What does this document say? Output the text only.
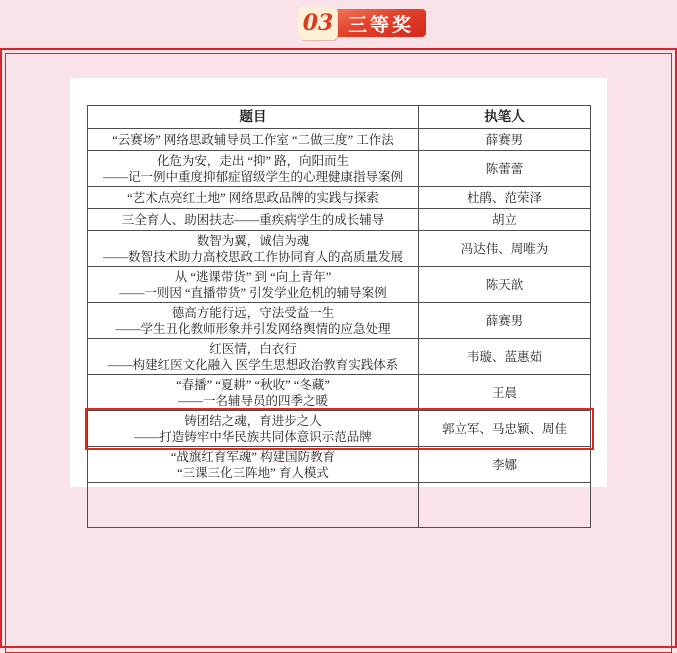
03 三等奖
题目	执笔人

“云赛场” 网络思政辅导员工作室 “二做三度” 工作法	薛赛男

化危为安，走出 “抑” 路，向阳而生
——记一例中重度抑郁症留级学生的心理健康指导案例	陈蕾蕾

“艺术点亮红土地” 网络思政品牌的实践与探索	杜鹃、范荣泽

三全育人、助困扶志——重疾病学生的成长辅导	胡立

数智为翼，诚信为魂
——数智技术助力高校思政工作协同育人的高质量发展	冯达伟、周唯为

从 “逃课带货” 到 “向上青年”
——一则因 “直播带货” 引发学业危机的辅导案例	陈天歆

德高方能行远，守法受益一生
——学生丑化教师形象并引发网络舆情的应急处理	薛赛男

红医情，白衣行
——构建红医文化融入 医学生思想政治教育实践体系	韦璇、蓝惠茹

“春播” “夏耕” “秋收” “冬藏”
——一名辅导员的四季之暖	王晨

铸团结之魂，育进步之人
——打造铸牢中华民族共同体意识示范品牌	郭立军、马忠颖、周佳

“战旗红育军魂” 构建国防教育
“三课三化三阵地” 育人模式	李娜
